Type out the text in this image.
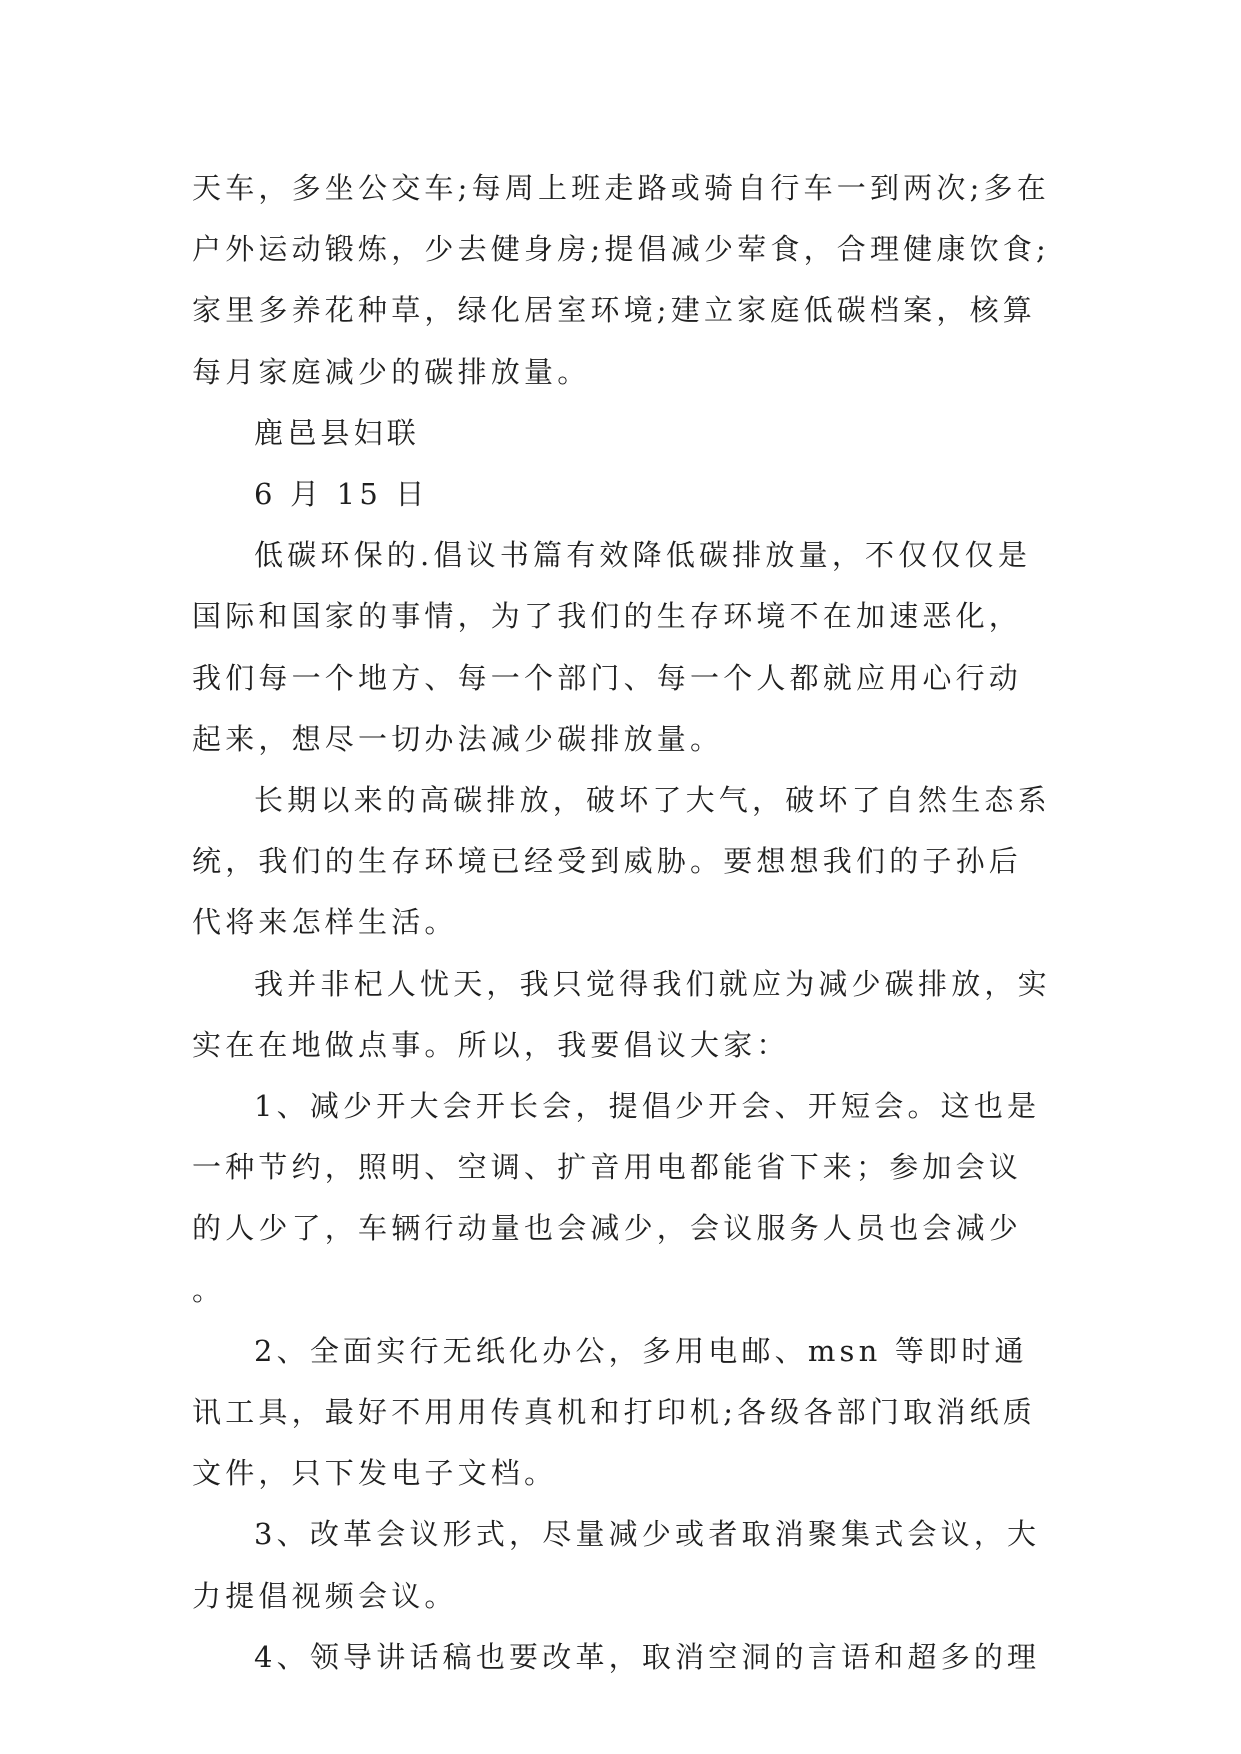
天车，多坐公交车;每周上班走路或骑自行车一到两次;多在户外运动锻炼，少去健身房;提倡减少荤食，合理健康饮食;家里多养花种草，绿化居室环境;建立家庭低碳档案，核算每月家庭减少的碳排放量。

鹿邑县妇联

6 月 15 日

低碳环保的.倡议书篇有效降低碳排放量，不仅仅仅是国际和国家的事情，为了我们的生存环境不在加速恶化，我们每一个地方、每一个部门、每一个人都就应用心行动起来，想尽一切办法减少碳排放量。

长期以来的高碳排放，破坏了大气，破坏了自然生态系统，我们的生存环境已经受到威胁。要想想我们的子孙后代将来怎样生活。

我并非杞人忧天，我只觉得我们就应为减少碳排放，实实在在地做点事。所以，我要倡议大家：

1、减少开大会开长会，提倡少开会、开短会。这也是一种节约，照明、空调、扩音用电都能省下来；参加会议的人少了，车辆行动量也会减少，会议服务人员也会减少。

2、全面实行无纸化办公，多用电邮、msn 等即时通讯工具，最好不用用传真机和打印机;各级各部门取消纸质文件，只下发电子文档。

3、改革会议形式，尽量减少或者取消聚集式会议，大力提倡视频会议。

4、领导讲话稿也要改革，取消空洞的言语和超多的理
